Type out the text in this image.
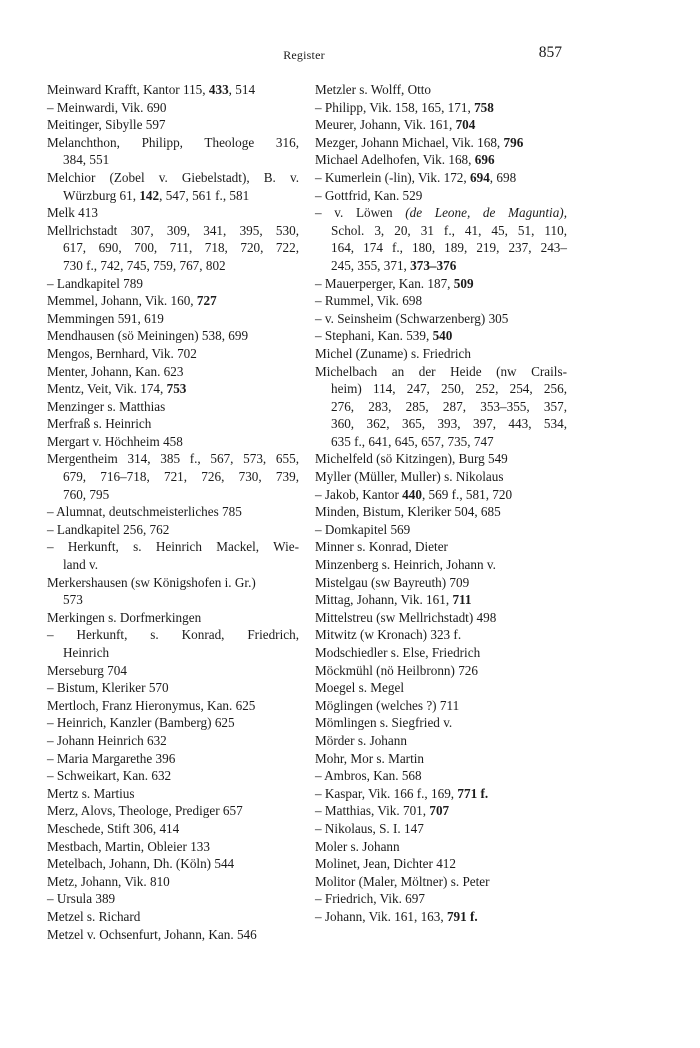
Register	857
Meinward Krafft, Kantor 115, 433, 514
– Meinwardi, Vik. 690
Meitinger, Sibylle 597
Melanchthon, Philipp, Theologe 316,
384, 551
Melchior (Zobel v. Giebelstadt), B. v.
Würzburg 61, 142, 547, 561 f., 581
Melk 413
Mellrichstadt 307, 309, 341, 395, 530,
617, 690, 700, 711, 718, 720, 722,
730 f., 742, 745, 759, 767, 802
– Landkapitel 789
Memmel, Johann, Vik. 160, 727
Memmingen 591, 619
Mendhausen (sö Meiningen) 538, 699
Mengos, Bernhard, Vik. 702
Menter, Johann, Kan. 623
Mentz, Veit, Vik. 174, 753
Menzinger s. Matthias
Merfraß s. Heinrich
Mergart v. Höchheim 458
Mergentheim 314, 385 f., 567, 573, 655,
679, 716–718, 721, 726, 730, 739,
760, 795
– Alumnat, deutschmeisterliches 785
– Landkapitel 256, 762
– Herkunft, s. Heinrich Mackel, Wie-
land v.
Merkershausen (sw Königshofen i. Gr.)
573
Merkingen s. Dorfmerkingen
– Herkunft, s. Konrad, Friedrich,
Heinrich
Merseburg 704
– Bistum, Kleriker 570
Mertloch, Franz Hieronymus, Kan. 625
– Heinrich, Kanzler (Bamberg) 625
– Johann Heinrich 632
– Maria Margarethe 396
– Schweikart, Kan. 632
Mertz s. Martius
Merz, Alovs, Theologe, Prediger 657
Meschede, Stift 306, 414
Mestbach, Martin, Obleier 133
Metelbach, Johann, Dh. (Köln) 544
Metz, Johann, Vik. 810
– Ursula 389
Metzel s. Richard
Metzel v. Ochsenfurt, Johann, Kan. 546
Metzler s. Wolff, Otto
– Philipp, Vik. 158, 165, 171, 758
Meurer, Johann, Vik. 161, 704
Mezger, Johann Michael, Vik. 168, 796
Michael Adelhofen, Vik. 168, 696
– Kumerlein (-lin), Vik. 172, 694, 698
– Gottfrid, Kan. 529
– v. Löwen (de Leone, de Maguntia),
Schol. 3, 20, 31 f., 41, 45, 51, 110,
164, 174 f., 180, 189, 219, 237, 243–
245, 355, 371, 373–376
– Mauerperger, Kan. 187, 509
– Rummel, Vik. 698
– v. Seinsheim (Schwarzenberg) 305
– Stephani, Kan. 539, 540
Michel (Zuname) s. Friedrich
Michelbach an der Heide (nw Crails-
heim) 114, 247, 250, 252, 254, 256,
276, 283, 285, 287, 353–355, 357,
360, 362, 365, 393, 397, 443, 534,
635 f., 641, 645, 657, 735, 747
Michelfeld (sö Kitzingen), Burg 549
Myller (Müller, Muller) s. Nikolaus
– Jakob, Kantor 440, 569 f., 581, 720
Minden, Bistum, Kleriker 504, 685
– Domkapitel 569
Minner s. Konrad, Dieter
Minzenberg s. Heinrich, Johann v.
Mistelgau (sw Bayreuth) 709
Mittag, Johann, Vik. 161, 711
Mittelstreu (sw Mellrichstadt) 498
Mitwitz (w Kronach) 323 f.
Modschiedler s. Else, Friedrich
Möckmühl (nö Heilbronn) 726
Moegel s. Megel
Möglingen (welches ?) 711
Mömlingen s. Siegfried v.
Mörder s. Johann
Mohr, Mor s. Martin
– Ambros, Kan. 568
– Kaspar, Vik. 166 f., 169, 771 f.
– Matthias, Vik. 701, 707
– Nikolaus, S. I. 147
Moler s. Johann
Molinet, Jean, Dichter 412
Molitor (Maler, Möltner) s. Peter
– Friedrich, Vik. 697
– Johann, Vik. 161, 163, 791 f.
